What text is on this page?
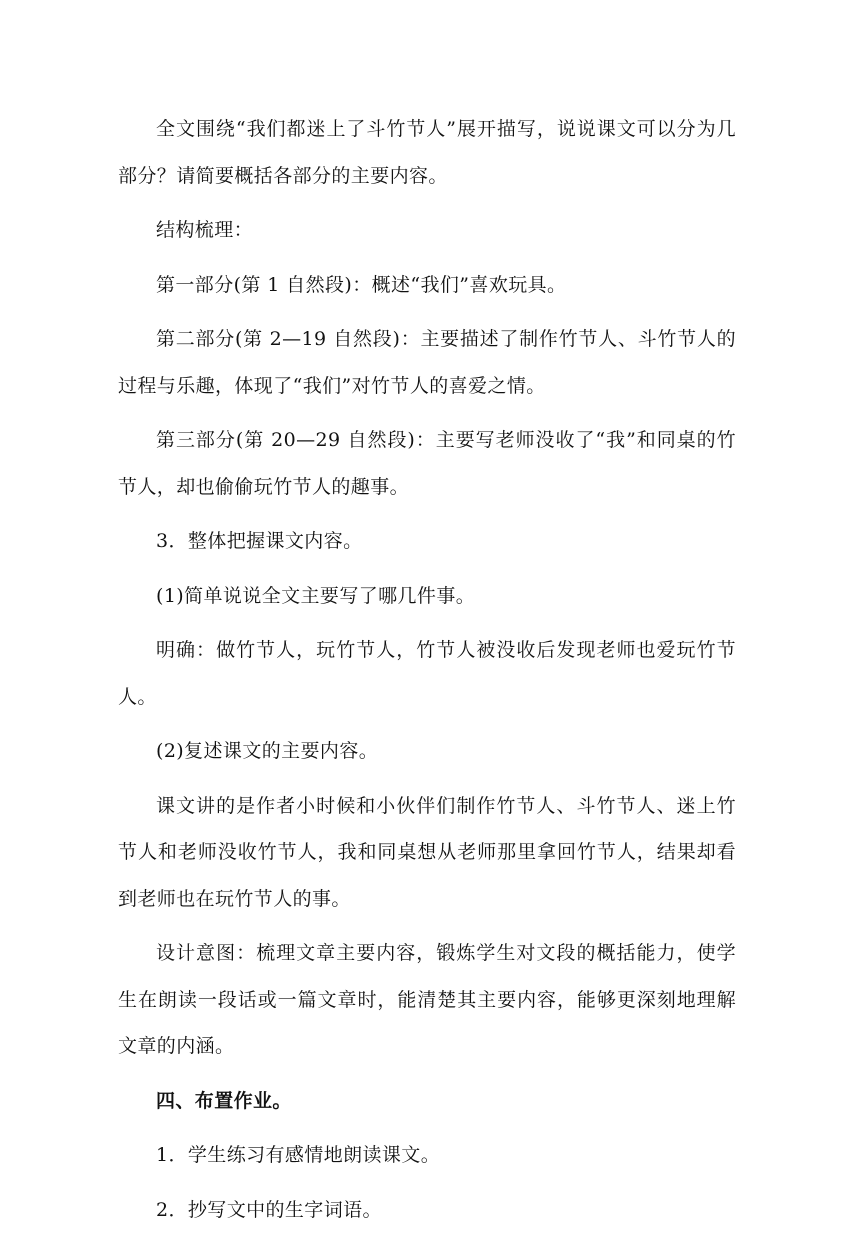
全文围绕“我们都迷上了斗竹节人”展开描写，说说课文可以分为几部分？请简要概括各部分的主要内容。

结构梳理：

第一部分(第 1 自然段)：概述“我们”喜欢玩具。

第二部分(第 2—19 自然段)：主要描述了制作竹节人、斗竹节人的过程与乐趣，体现了“我们”对竹节人的喜爱之情。

第三部分(第 20—29 自然段)：主要写老师没收了“我”和同桌的竹节人，却也偷偷玩竹节人的趣事。

3．整体把握课文内容。

(1)简单说说全文主要写了哪几件事。

明确：做竹节人，玩竹节人，竹节人被没收后发现老师也爱玩竹节人。

(2)复述课文的主要内容。

课文讲的是作者小时候和小伙伴们制作竹节人、斗竹节人、迷上竹节人和老师没收竹节人，我和同桌想从老师那里拿回竹节人，结果却看到老师也在玩竹节人的事。

设计意图：梳理文章主要内容，锻炼学生对文段的概括能力，使学生在朗读一段话或一篇文章时，能清楚其主要内容，能够更深刻地理解文章的内涵。

四、布置作业。

1．学生练习有感情地朗读课文。

2．抄写文中的生字词语。
